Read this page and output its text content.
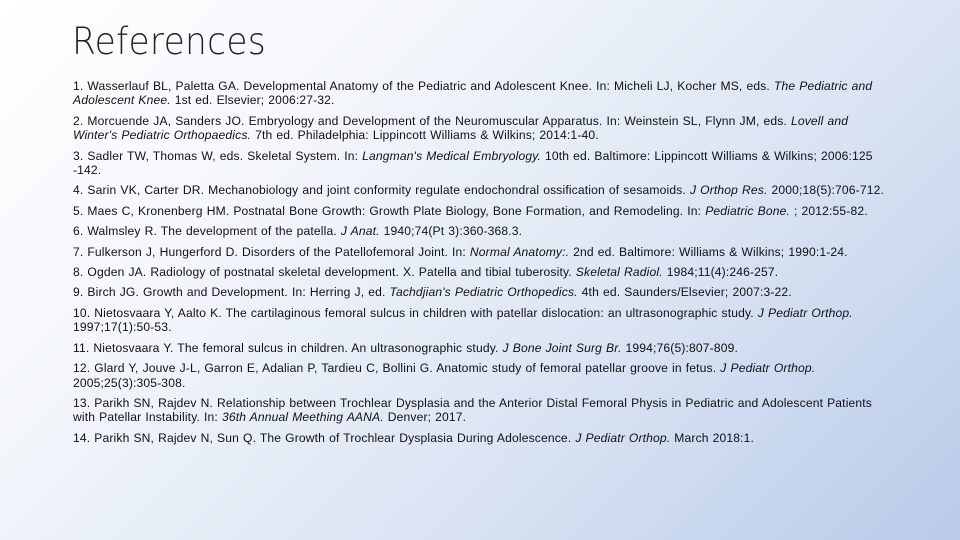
References

1. Wasserlauf BL, Paletta GA. Developmental Anatomy of the Pediatric and Adolescent Knee. In: Micheli LJ, Kocher MS, eds. The Pediatric and Adolescent Knee. 1st ed. Elsevier; 2006:27-32.

2. Morcuende JA, Sanders JO. Embryology and Development of the Neuromuscular Apparatus. In: Weinstein SL, Flynn JM, eds. Lovell and Winter's Pediatric Orthopaedics. 7th ed. Philadelphia: Lippincott Williams & Wilkins; 2014:1-40.

3. Sadler TW, Thomas W, eds. Skeletal System. In: Langman's Medical Embryology. 10th ed. Baltimore: Lippincott Williams & Wilkins; 2006:125 -142.

4. Sarin VK, Carter DR. Mechanobiology and joint conformity regulate endochondral ossification of sesamoids. J Orthop Res. 2000;18(5):706-712.

5. Maes C, Kronenberg HM. Postnatal Bone Growth: Growth Plate Biology, Bone Formation, and Remodeling. In: Pediatric Bone. ; 2012:55-82.

6. Walmsley R. The development of the patella. J Anat. 1940;74(Pt 3):360-368.3.

7. Fulkerson J, Hungerford D. Disorders of the Patellofemoral Joint. In: Normal Anatomy:. 2nd ed. Baltimore: Williams & Wilkins; 1990:1-24.

8. Ogden JA. Radiology of postnatal skeletal development. X. Patella and tibial tuberosity. Skeletal Radiol. 1984;11(4):246-257.

9. Birch JG. Growth and Development. In: Herring J, ed. Tachdjian's Pediatric Orthopedics. 4th ed. Saunders/Elsevier; 2007:3-22.

10. Nietosvaara Y, Aalto K. The cartilaginous femoral sulcus in children with patellar dislocation: an ultrasonographic study. J Pediatr Orthop. 1997;17(1):50-53.

11. Nietosvaara Y. The femoral sulcus in children. An ultrasonographic study. J Bone Joint Surg Br. 1994;76(5):807-809.

12. Glard Y, Jouve J-L, Garron E, Adalian P, Tardieu C, Bollini G. Anatomic study of femoral patellar groove in fetus. J Pediatr Orthop. 2005;25(3):305-308.

13. Parikh SN, Rajdev N. Relationship between Trochlear Dysplasia and the Anterior Distal Femoral Physis in Pediatric and Adolescent Patients with Patellar Instability. In: 36th Annual Meething AANA. Denver; 2017.

14. Parikh SN, Rajdev N, Sun Q. The Growth of Trochlear Dysplasia During Adolescence. J Pediatr Orthop. March 2018:1.
